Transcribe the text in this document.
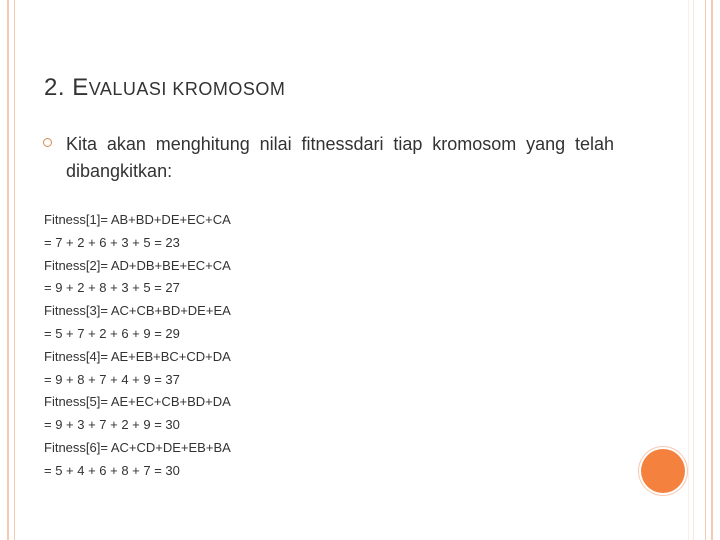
2. EVALUASI KROMOSOM
Kita akan menghitung nilai fitnessdari tiap kromosom yang telah dibangkitkan:
Fitness[1]= AB+BD+DE+EC+CA
= 7 + 2 + 6 + 3 + 5 = 23
Fitness[2]= AD+DB+BE+EC+CA
= 9 + 2 + 8 + 3 + 5 = 27
Fitness[3]= AC+CB+BD+DE+EA
= 5 + 7 + 2 + 6 + 9 = 29
Fitness[4]= AE+EB+BC+CD+DA
= 9 + 8 + 7 + 4 + 9 = 37
Fitness[5]= AE+EC+CB+BD+DA
= 9 + 3 + 7 + 2 + 9 = 30
Fitness[6]= AC+CD+DE+EB+BA
= 5 + 4 + 6 + 8 + 7 = 30
